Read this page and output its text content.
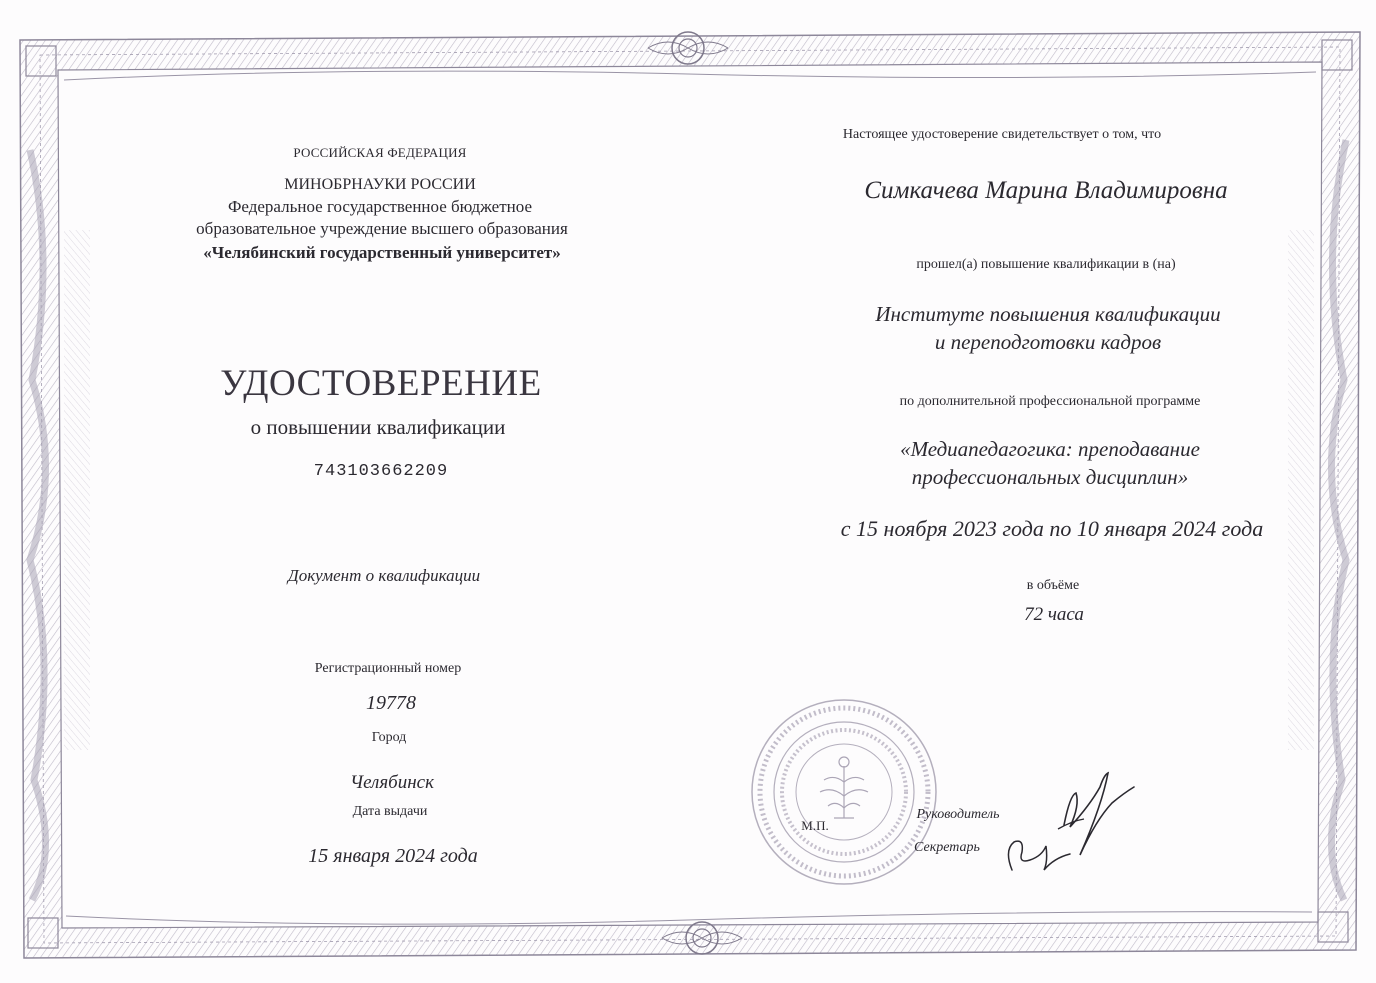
РОССИЙСКАЯ ФЕДЕРАЦИЯ
МИНОБРНАУКИ РОССИИ
Федеральное государственное бюджетное
образовательное учреждение высшего образования
«Челябинский государственный университет»
УДОСТОВЕРЕНИЕ
о повышении квалификации
743103662209
Документ о квалификации
Регистрационный номер
19778
Город
Челябинск
Дата выдачи
15 января 2024 года
Настоящее удостоверение свидетельствует о том, что
Симкачева Марина Владимировна
прошел(а) повышение квалификации в (на)
Институте повышения квалификации
и переподготовки кадров
по дополнительной профессиональной программе
«Медиапедагогика: преподавание
профессиональных дисциплин»
с 15 ноября 2023 года по 10 января 2024 года
в объёме
72 часа
М.П.
Руководитель
Секретарь
